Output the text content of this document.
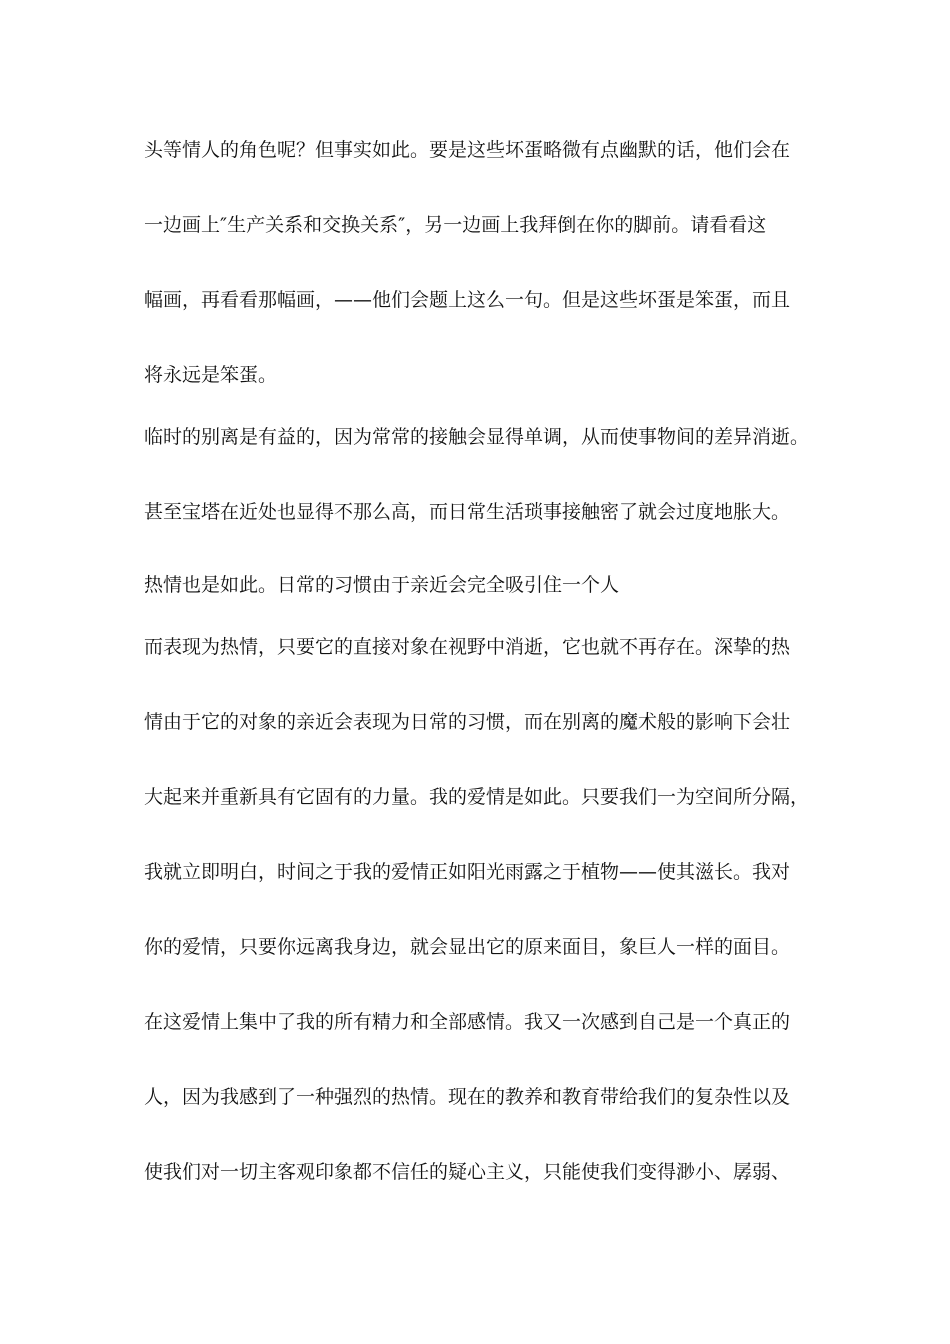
头等情人的角色呢？但事实如此。要是这些坏蛋略微有点幽默的话，他们会在
一边画上″生产关系和交换关系″，另一边画上我拜倒在你的脚前。请看看这
幅画，再看看那幅画，——他们会题上这么一句。但是这些坏蛋是笨蛋，而且
将永远是笨蛋。
临时的别离是有益的，因为常常的接触会显得单调，从而使事物间的差异消逝。
甚至宝塔在近处也显得不那么高，而日常生活琐事接触密了就会过度地胀大。
热情也是如此。日常的习惯由于亲近会完全吸引住一个人
而表现为热情，只要它的直接对象在视野中消逝，它也就不再存在。深挚的热
情由于它的对象的亲近会表现为日常的习惯，而在别离的魔术般的影响下会壮
大起来并重新具有它固有的力量。我的爱情是如此。只要我们一为空间所分隔，
我就立即明白，时间之于我的爱情正如阳光雨露之于植物——使其滋长。我对
你的爱情，只要你远离我身边，就会显出它的原来面目，象巨人一样的面目。
在这爱情上集中了我的所有精力和全部感情。我又一次感到自己是一个真正的
人，因为我感到了一种强烈的热情。现在的教养和教育带给我们的复杂性以及
使我们对一切主客观印象都不信任的疑心主义，只能使我们变得渺小、孱弱、
